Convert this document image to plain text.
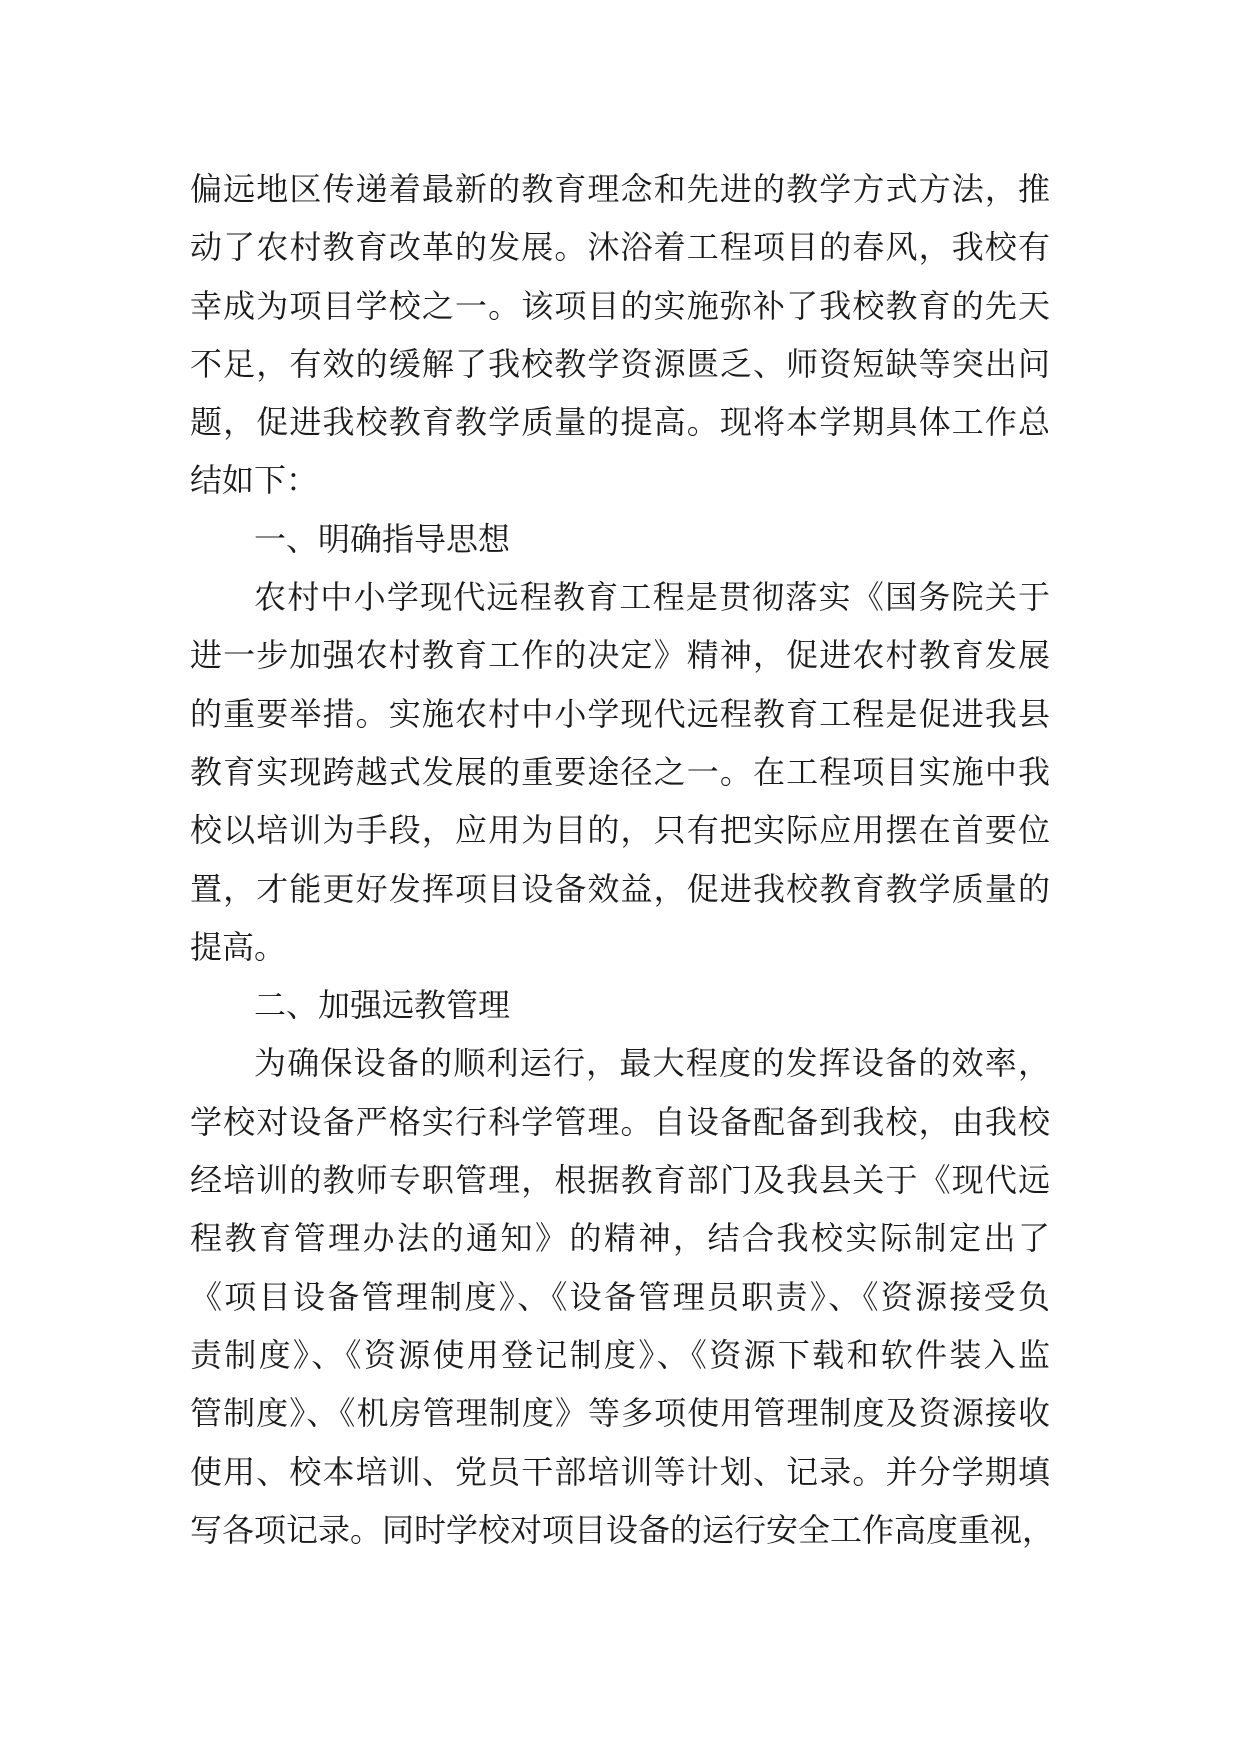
偏远地区传递着最新的教育理念和先进的教学方式方法，推
动了农村教育改革的发展。沐浴着工程项目的春风，我校有
幸成为项目学校之一。该项目的实施弥补了我校教育的先天
不足，有效的缓解了我校教学资源匮乏、师资短缺等突出问
题，促进我校教育教学质量的提高。现将本学期具体工作总
结如下：
一、明确指导思想
农村中小学现代远程教育工程是贯彻落实《国务院关于
进一步加强农村教育工作的决定》精神，促进农村教育发展
的重要举措。实施农村中小学现代远程教育工程是促进我县
教育实现跨越式发展的重要途径之一。在工程项目实施中我
校以培训为手段，应用为目的，只有把实际应用摆在首要位
置，才能更好发挥项目设备效益，促进我校教育教学质量的
提高。
二、加强远教管理
为确保设备的顺利运行，最大程度的发挥设备的效率，
学校对设备严格实行科学管理。自设备配备到我校，由我校
经培训的教师专职管理，根据教育部门及我县关于《现代远
程教育管理办法的通知》的精神，结合我校实际制定出了
《项目设备管理制度》、《设备管理员职责》、《资源接受负
责制度》、《资源使用登记制度》、《资源下载和软件装入监
管制度》、《机房管理制度》等多项使用管理制度及资源接收
使用、校本培训、党员干部培训等计划、记录。并分学期填
写各项记录。同时学校对项目设备的运行安全工作高度重视，
